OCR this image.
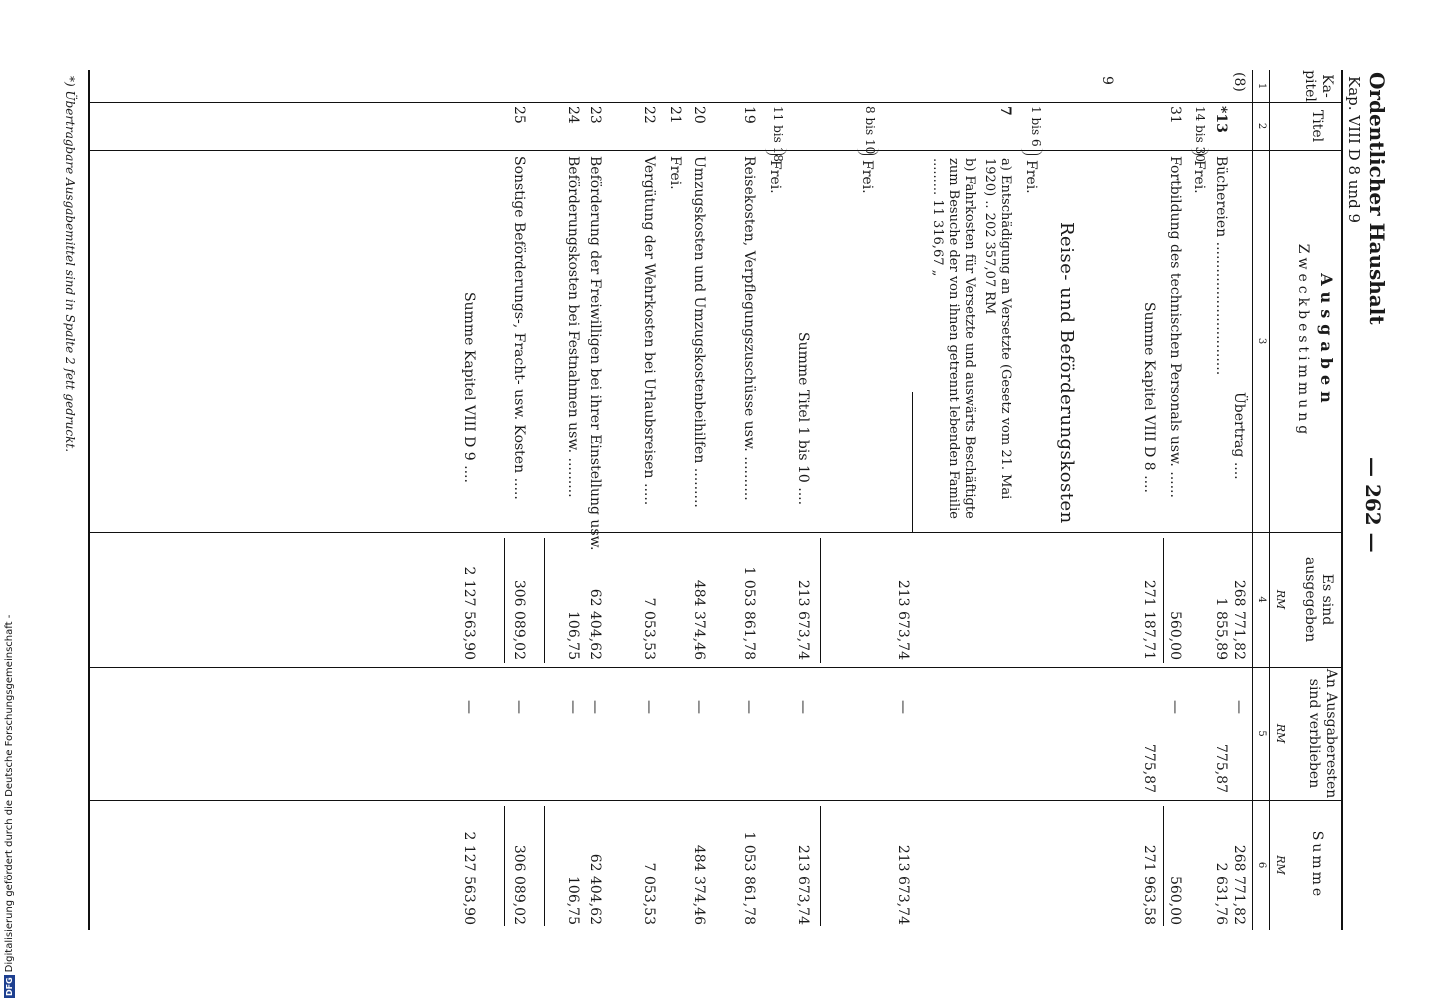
DFGDigitalisierung gefördert durch die Deutsche Forschungsgemeinschaft -
Ordentlicher Haushalt
Kap. VIII D 8 und 9
— 262 —
Ka-pitel
Titel
Ausgaben
Zweckbestimmung
Es sind ausgegeben
An Ausgaberesten sind verblieben
Summe
RM
RM
RM
1
2
3
4
5
6
(8)
Übertrag ....
268 771,82
—
268 771,82
*13
Büchereien ..............................
1 855,89
775,87
2 631,76
14 bis 30
Frei.
31
Fortbildung des technischen Personals usw. ......
560,00
—
560,00
Summe Kapitel VIII D 8 ....
271 187,71
775,87
271 963,58
9
Reise- und Beförderungskosten
1 bis 6
Frei.
7
a) Entschädigung an Versetzte (Gesetz vom 21. Mai 1920) .. 202 357,07 RM
b) Fahrkosten für Versetzte und auswärts Beschäftigte zum Besuche der von ihnen getrennt lebenden Familie ......... 11 316,67 „
213 673,74
—
213 673,74
8 bis 10
Frei.
Summe Titel 1 bis 10 ....
213 673,74
—
213 673,74
11 bis 18
Frei.
19
Reisekosten, Verpflegungszuschüsse usw. ..........
1 053 861,78
—
1 053 861,78
20
Umzugskosten und Umzugskostenbeihilfen .........
484 374,46
—
484 374,46
21
Frei.
22
Vergütung der Wehrkosten bei Urlaubsreisen .....
7 053,53
—
7 053,53
23
Beförderung der Freiwilligen bei ihrer Einstellung usw.
62 404,62
—
62 404,62
24
Beförderungskosten bei Festnahmen usw. .........
106,75
—
106,75
25
Sonstige Beförderungs-, Fracht- usw. Kosten .....
306 089,02
—
306 089,02
Summe Kapitel VIII D 9 ....
2 127 563,90
—
2 127 563,90
*) Übertragbare Ausgabemittel sind in Spalte 2 fett gedruckt.
